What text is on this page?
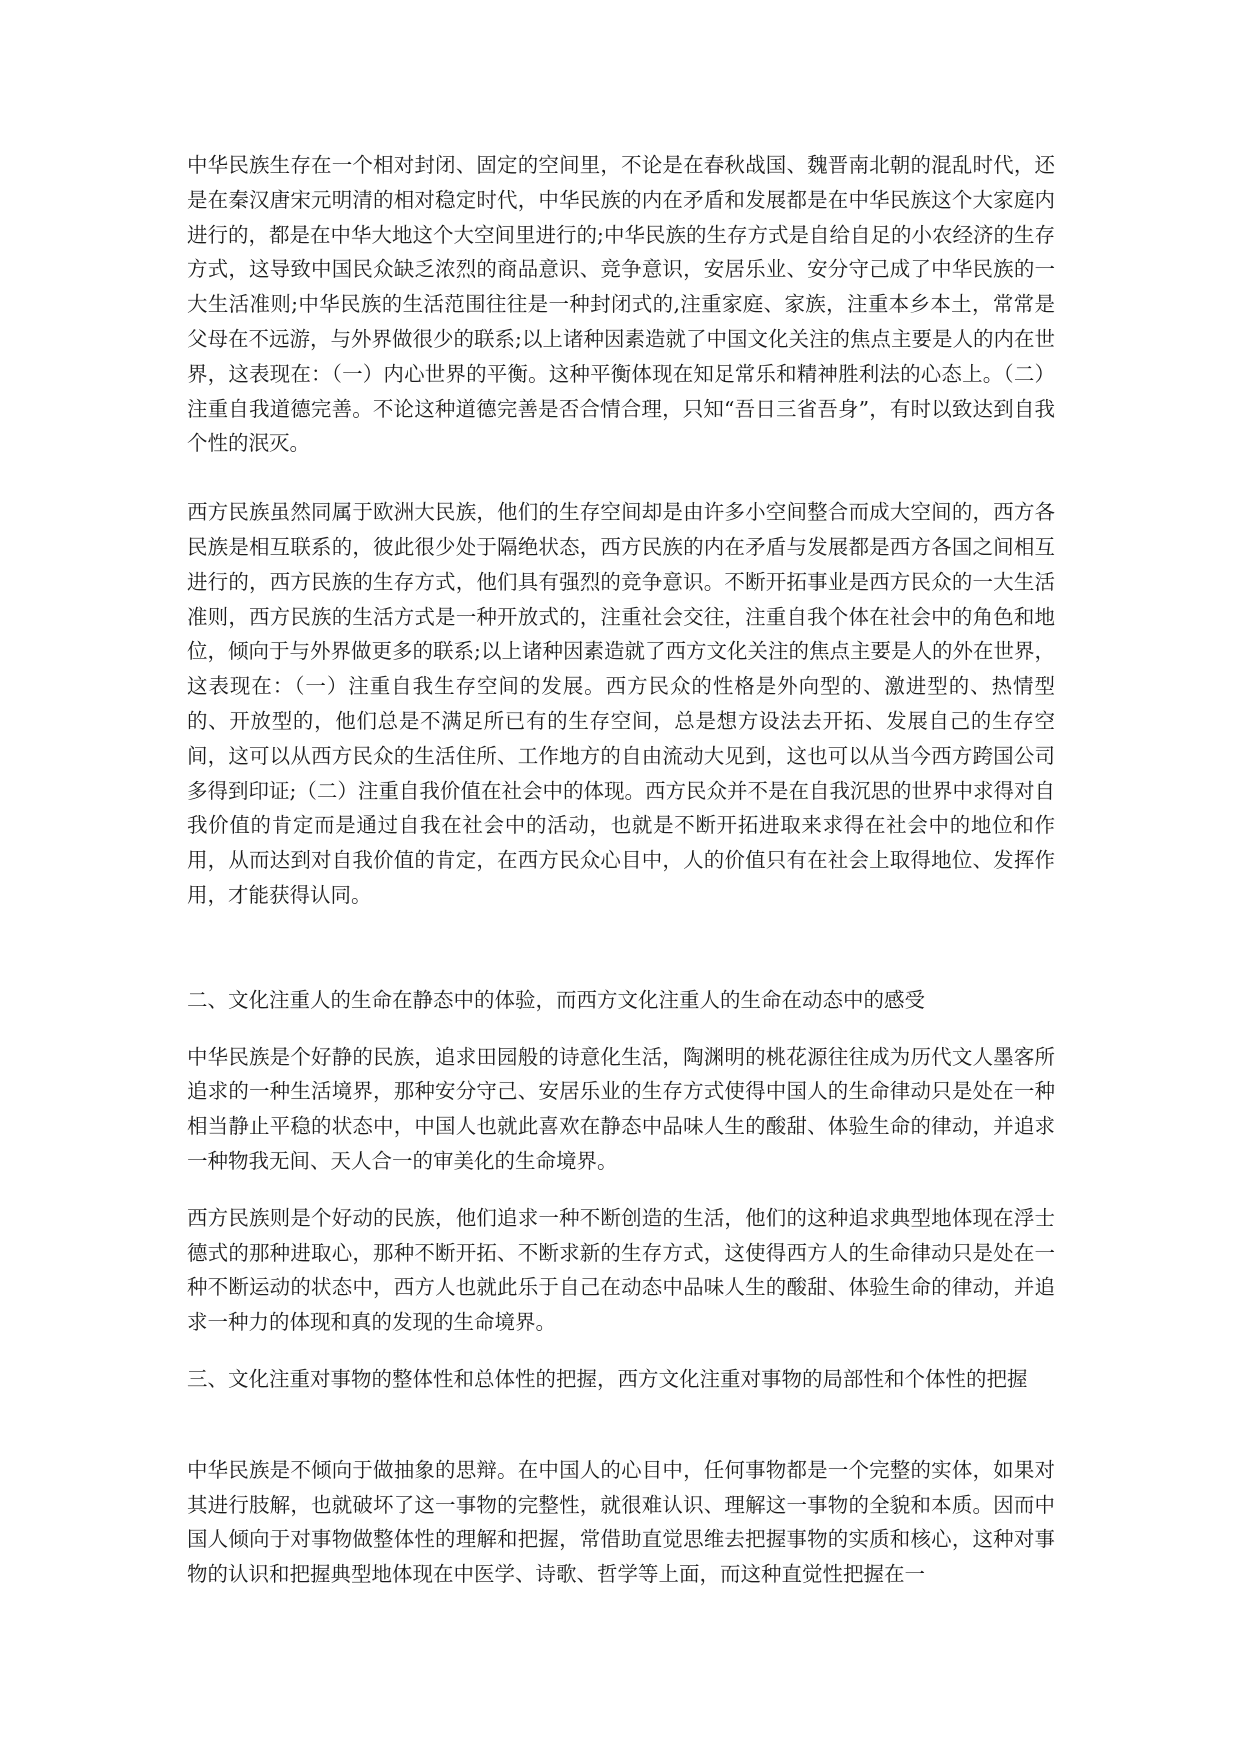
中华民族生存在一个相对封闭、固定的空间里，不论是在春秋战国、魏晋南北朝的混乱时代，还是在秦汉唐宋元明清的相对稳定时代，中华民族的内在矛盾和发展都是在中华民族这个大家庭内进行的，都是在中华大地这个大空间里进行的;中华民族的生存方式是自给自足的小农经济的生存方式，这导致中国民众缺乏浓烈的商品意识、竞争意识，安居乐业、安分守己成了中华民族的一大生活准则;中华民族的生活范围往往是一种封闭式的,注重家庭、家族，注重本乡本土，常常是父母在不远游，与外界做很少的联系;以上诸种因素造就了中国文化关注的焦点主要是人的内在世界，这表现在：（一）内心世界的平衡。这种平衡体现在知足常乐和精神胜利法的心态上。（二）注重自我道德完善。不论这种道德完善是否合情合理，只知“吾日三省吾身”，有时以致达到自我个性的泯灭。

西方民族虽然同属于欧洲大民族，他们的生存空间却是由许多小空间整合而成大空间的，西方各民族是相互联系的，彼此很少处于隔绝状态，西方民族的内在矛盾与发展都是西方各国之间相互进行的，西方民族的生存方式，他们具有强烈的竞争意识。不断开拓事业是西方民众的一大生活准则，西方民族的生活方式是一种开放式的，注重社会交往，注重自我个体在社会中的角色和地位，倾向于与外界做更多的联系;以上诸种因素造就了西方文化关注的焦点主要是人的外在世界，这表现在：（一）注重自我生存空间的发展。西方民众的性格是外向型的、激进型的、热情型的、开放型的，他们总是不满足所已有的生存空间，总是想方设法去开拓、发展自己的生存空间，这可以从西方民众的生活住所、工作地方的自由流动大见到，这也可以从当今西方跨国公司多得到印证;（二）注重自我价值在社会中的体现。西方民众并不是在自我沉思的世界中求得对自我价值的肯定而是通过自我在社会中的活动，也就是不断开拓进取来求得在社会中的地位和作用，从而达到对自我价值的肯定，在西方民众心目中，人的价值只有在社会上取得地位、发挥作用，才能获得认同。

二、文化注重人的生命在静态中的体验，而西方文化注重人的生命在动态中的感受

中华民族是个好静的民族，追求田园般的诗意化生活，陶渊明的桃花源往往成为历代文人墨客所追求的一种生活境界，那种安分守己、安居乐业的生存方式使得中国人的生命律动只是处在一种相当静止平稳的状态中，中国人也就此喜欢在静态中品味人生的酸甜、体验生命的律动，并追求一种物我无间、天人合一的审美化的生命境界。

西方民族则是个好动的民族，他们追求一种不断创造的生活，他们的这种追求典型地体现在浮士德式的那种进取心，那种不断开拓、不断求新的生存方式，这使得西方人的生命律动只是处在一种不断运动的状态中，西方人也就此乐于自己在动态中品味人生的酸甜、体验生命的律动，并追求一种力的体现和真的发现的生命境界。

三、文化注重对事物的整体性和总体性的把握，西方文化注重对事物的局部性和个体性的把握

中华民族是不倾向于做抽象的思辩。在中国人的心目中，任何事物都是一个完整的实体，如果对其进行肢解，也就破坏了这一事物的完整性，就很难认识、理解这一事物的全貌和本质。因而中国人倾向于对事物做整体性的理解和把握，常借助直觉思维去把握事物的实质和核心，这种对事物的认识和把握典型地体现在中医学、诗歌、哲学等上面，而这种直觉性把握在一
